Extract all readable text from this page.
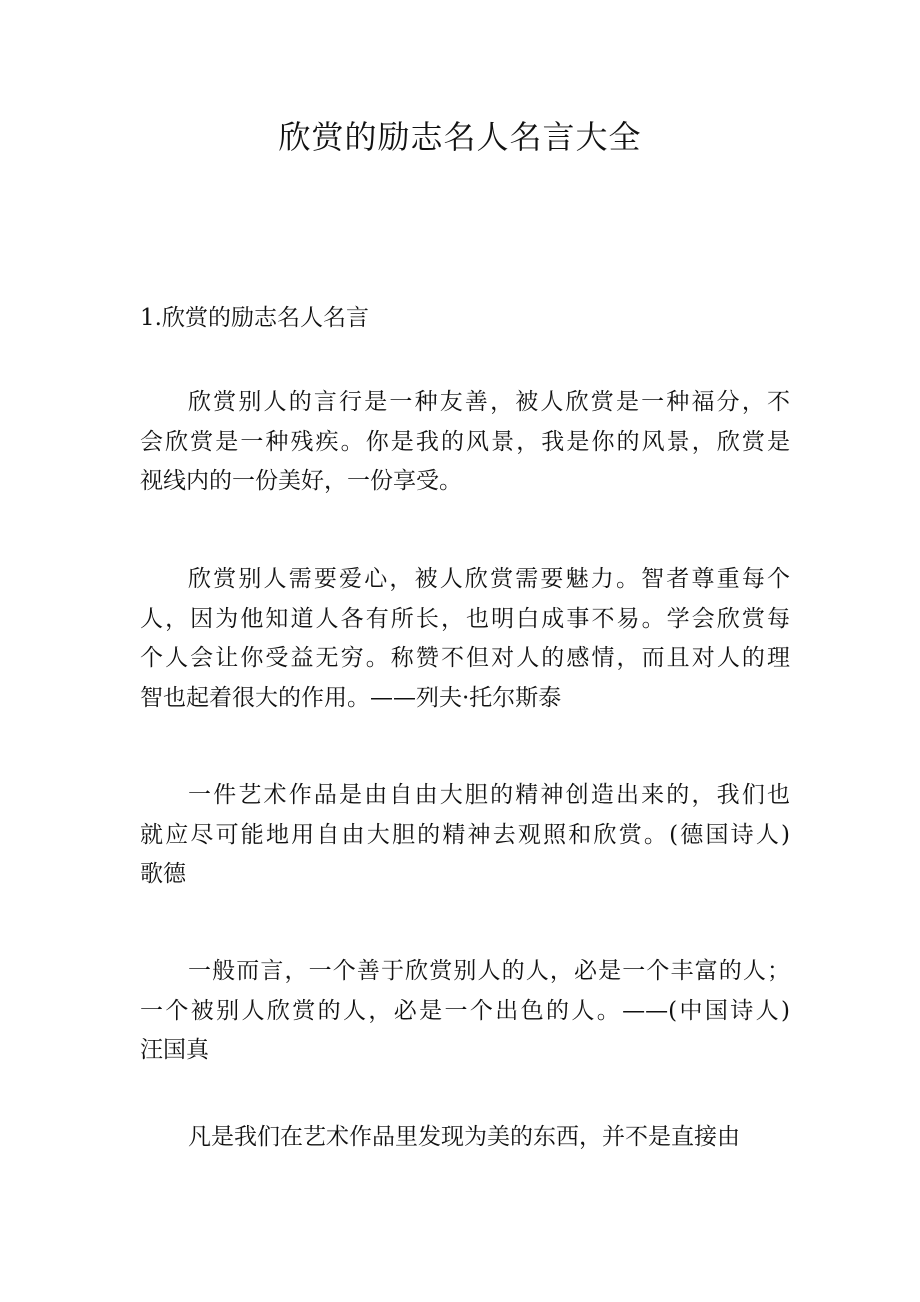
欣赏的励志名人名言大全

1.欣赏的励志名人名言

欣赏别人的言行是一种友善，被人欣赏是一种福分，不
会欣赏是一种残疾。你是我的风景，我是你的风景，欣赏是
视线内的一份美好，一份享受。

欣赏别人需要爱心，被人欣赏需要魅力。智者尊重每个
人，因为他知道人各有所长，也明白成事不易。学会欣赏每
个人会让你受益无穷。称赞不但对人的感情，而且对人的理
智也起着很大的作用。——列夫·托尔斯泰

一件艺术作品是由自由大胆的精神创造出来的，我们也
就应尽可能地用自由大胆的精神去观照和欣赏。(德国诗人)
歌德

一般而言，一个善于欣赏别人的人，必是一个丰富的人；
一个被别人欣赏的人，必是一个出色的人。——(中国诗人)
汪国真

凡是我们在艺术作品里发现为美的东西，并不是直接由
